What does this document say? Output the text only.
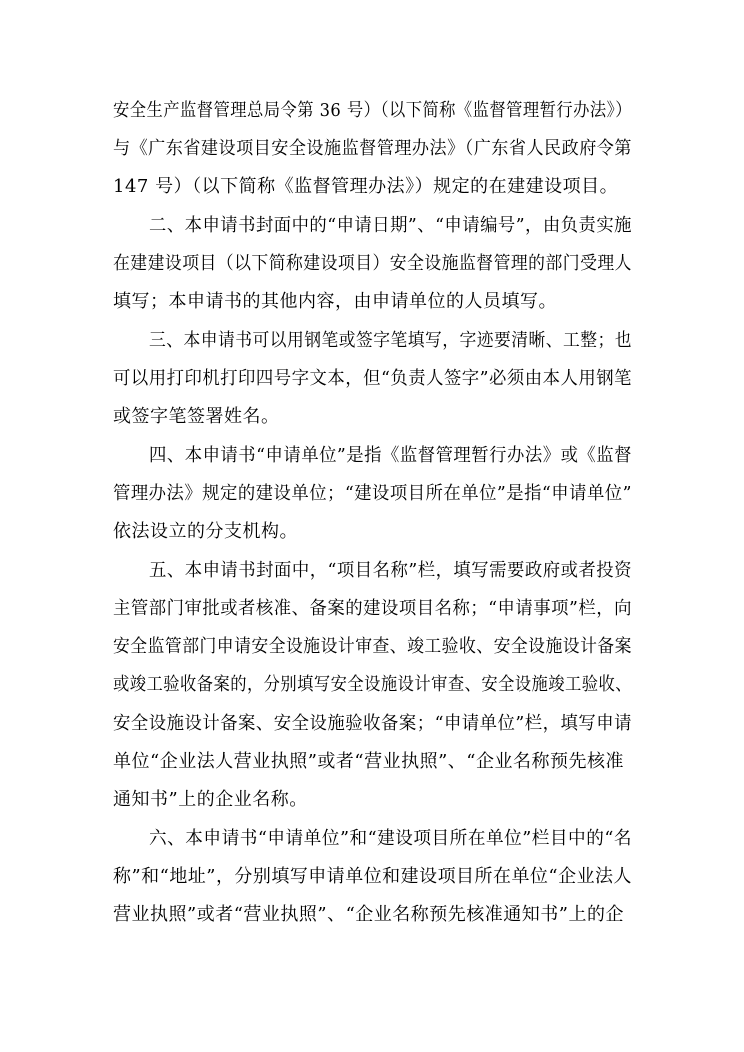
安全生产监督管理总局令第 36 号）（以下简称《监督管理暂行办法》）
与《广东省建设项目安全设施监督管理办法》（广东省人民政府令第
147 号）（以下简称《监督管理办法》）规定的在建建设项目。
二、本申请书封面中的“申请日期”、“申请编号”，由负责实施
在建建设项目（以下简称建设项目）安全设施监督管理的部门受理人
填写；本申请书的其他内容，由申请单位的人员填写。
三、本申请书可以用钢笔或签字笔填写，字迹要清晰、工整；也
可以用打印机打印四号字文本，但“负责人签字”必须由本人用钢笔
或签字笔签署姓名。
四、本申请书“申请单位”是指《监督管理暂行办法》或《监督
管理办法》规定的建设单位；“建设项目所在单位”是指“申请单位”
依法设立的分支机构。
五、本申请书封面中，“项目名称”栏，填写需要政府或者投资
主管部门审批或者核准、备案的建设项目名称；“申请事项”栏，向
安全监管部门申请安全设施设计审查、竣工验收、安全设施设计备案
或竣工验收备案的，分别填写安全设施设计审查、安全设施竣工验收、
安全设施设计备案、安全设施验收备案；“申请单位”栏，填写申请
单位“企业法人营业执照”或者“营业执照”、“企业名称预先核准
通知书”上的企业名称。
六、本申请书“申请单位”和“建设项目所在单位”栏目中的“名
称”和“地址”，分别填写申请单位和建设项目所在单位“企业法人
营业执照”或者“营业执照”、“企业名称预先核准通知书”上的企
